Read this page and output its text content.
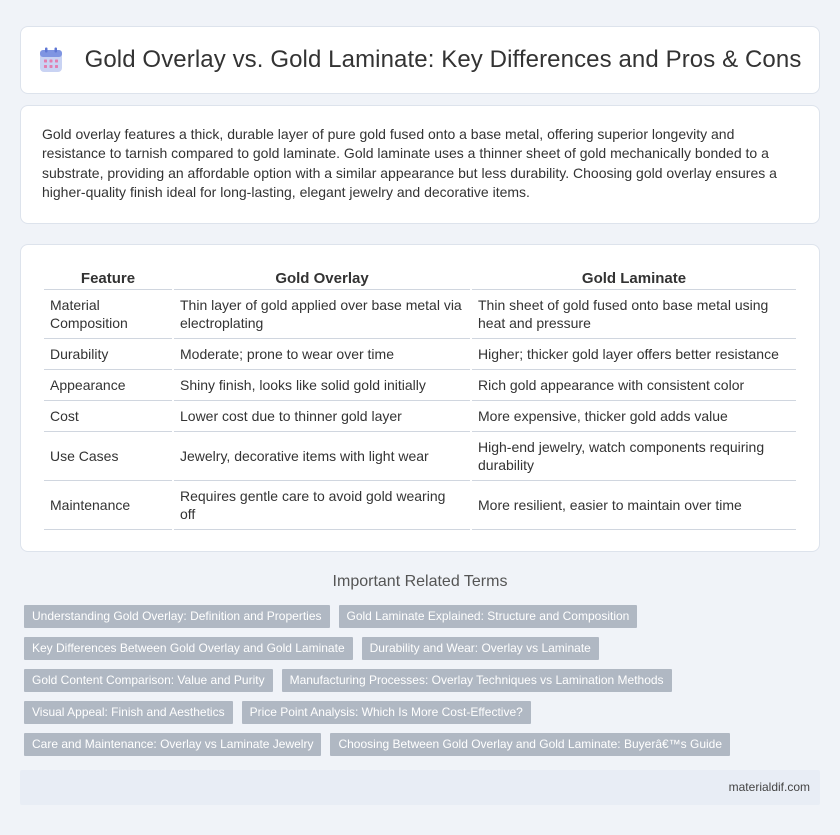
Gold Overlay vs. Gold Laminate: Key Differences and Pros & Cons

Gold overlay features a thick, durable layer of pure gold fused onto a base metal, offering superior longevity and resistance to tarnish compared to gold laminate. Gold laminate uses a thinner sheet of gold mechanically bonded to a substrate, providing an affordable option with a similar appearance but less durability. Choosing gold overlay ensures a higher-quality finish ideal for long-lasting, elegant jewelry and decorative items.

Feature	Gold Overlay	Gold Laminate
Material Composition	Thin layer of gold applied over base metal via electroplating	Thin sheet of gold fused onto base metal using heat and pressure
Durability	Moderate; prone to wear over time	Higher; thicker gold layer offers better resistance
Appearance	Shiny finish, looks like solid gold initially	Rich gold appearance with consistent color
Cost	Lower cost due to thinner gold layer	More expensive, thicker gold adds value
Use Cases	Jewelry, decorative items with light wear	High-end jewelry, watch components requiring durability
Maintenance	Requires gentle care to avoid gold wearing off	More resilient, easier to maintain over time
Important Related Terms
Understanding Gold Overlay: Definition and Properties	Gold Laminate Explained: Structure and Composition
Key Differences Between Gold Overlay and Gold Laminate	Durability and Wear: Overlay vs Laminate
Gold Content Comparison: Value and Purity	Manufacturing Processes: Overlay Techniques vs Lamination Methods
Visual Appeal: Finish and Aesthetics	Price Point Analysis: Which Is More Cost-Effective?
Care and Maintenance: Overlay vs Laminate Jewelry	Choosing Between Gold Overlay and Gold Laminate: Buyerâ€™s Guide
materialdif.com
